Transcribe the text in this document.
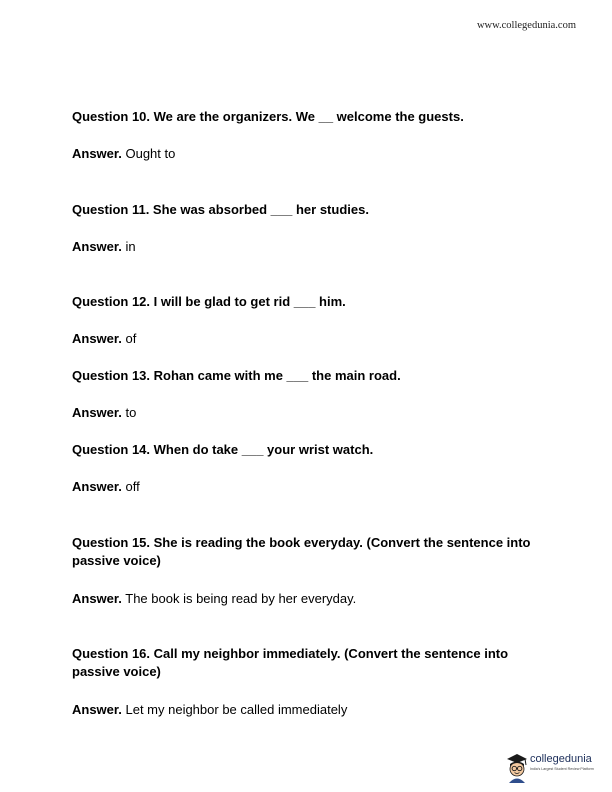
www.collegedunia.com
Question 10. We are the organizers. We __ welcome the guests.
Answer. Ought to
Question 11. She was absorbed ___ her studies.
Answer. in
Question 12. I will be glad to get rid ___ him.
Answer. of
Question 13. Rohan came with me ___ the main road.
Answer. to
Question 14. When do take ___ your wrist watch.
Answer. off
Question 15. She is reading the book everyday. (Convert the sentence into passive voice)
Answer. The book is being read by her everyday.
Question 16. Call my neighbor immediately. (Convert the sentence into passive voice)
Answer. Let my neighbor be called immediately
collegedunia
India's Largest Student Review Platform
